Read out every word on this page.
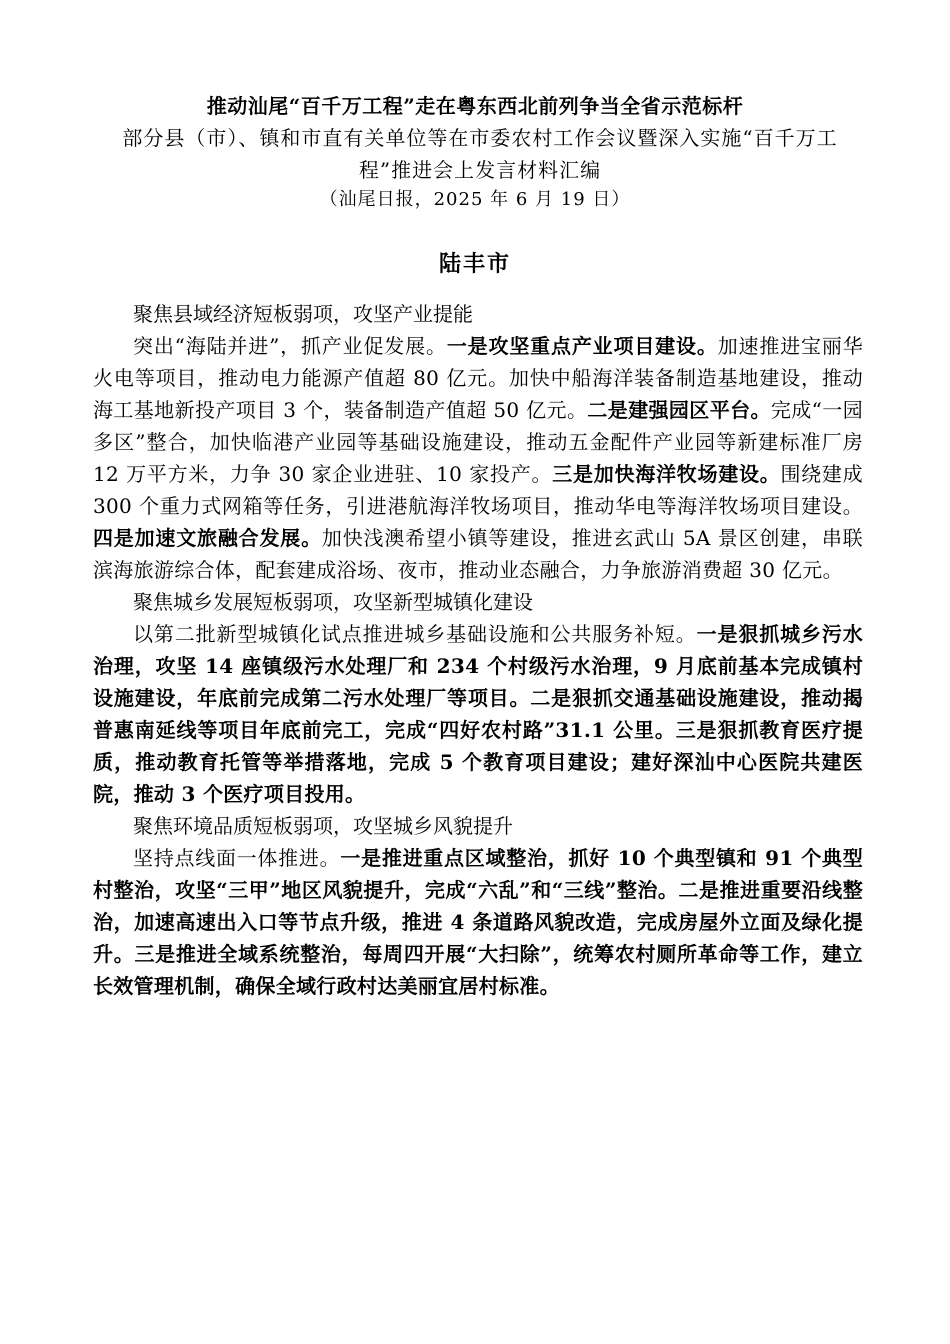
推动汕尾“百千万工程”走在粤东西北前列争当全省示范标杆
部分县（市）、镇和市直有关单位等在市委农村工作会议暨深入实施“百千万工程”推进会上发言材料汇编
（汕尾日报，2025 年 6 月 19 日）
陆丰市

聚焦县域经济短板弱项，攻坚产业提能

突出“海陆并进”，抓产业促发展。一是攻坚重点产业项目建设。加速推进宝丽华火电等项目，推动电力能源产值超 80 亿元。加快中船海洋装备制造基地建设，推动海工基地新投产项目 3 个，装备制造产值超 50 亿元。二是建强园区平台。完成“一园多区”整合，加快临港产业园等基础设施建设，推动五金配件产业园等新建标准厂房 12 万平方米，力争 30 家企业进驻、10 家投产。三是加快海洋牧场建设。围绕建成 300 个重力式网箱等任务，引进港航海洋牧场项目，推动华电等海洋牧场项目建设。四是加速文旅融合发展。加快浅澳希望小镇等建设，推进玄武山 5A 景区创建，串联滨海旅游综合体，配套建成浴场、夜市，推动业态融合，力争旅游消费超 30 亿元。

聚焦城乡发展短板弱项，攻坚新型城镇化建设

以第二批新型城镇化试点推进城乡基础设施和公共服务补短。一是狠抓城乡污水治理，攻坚 14 座镇级污水处理厂和 234 个村级污水治理，9 月底前基本完成镇村设施建设，年底前完成第二污水处理厂等项目。二是狠抓交通基础设施建设，推动揭普惠南延线等项目年底前完工，完成“四好农村路”31.1 公里。三是狠抓教育医疗提质，推动教育托管等举措落地，完成 5 个教育项目建设；建好深汕中心医院共建医院，推动 3 个医疗项目投用。

聚焦环境品质短板弱项，攻坚城乡风貌提升

坚持点线面一体推进。一是推进重点区域整治，抓好 10 个典型镇和 91 个典型村整治，攻坚“三甲”地区风貌提升，完成“六乱”和“三线”整治。二是推进重要沿线整治，加速高速出入口等节点升级，推进 4 条道路风貌改造，完成房屋外立面及绿化提升。三是推进全域系统整治，每周四开展“大扫除”，统筹农村厕所革命等工作，建立长效管理机制，确保全域行政村达美丽宜居村标准。
